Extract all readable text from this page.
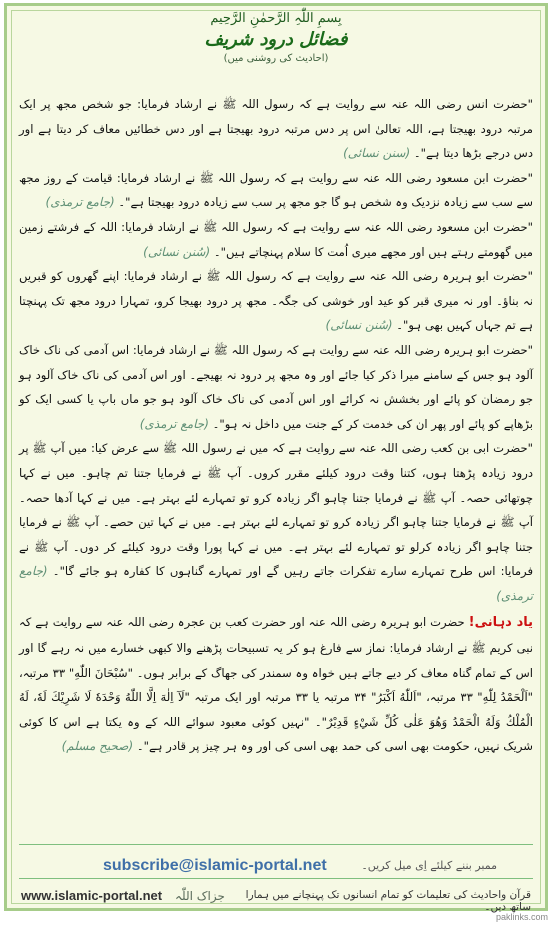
بِسمِ اللّٰہِ الرَّحمٰنِ الرَّحِیم
فضائل درود شریف
(احادیث کی روشنی میں)

"حضرت انس رضی اللہ عنہ سے روایت ہے کہ رسول اللہ ﷺ نے ارشاد فرمایا: جو شخص مجھ پر ایک مرتبہ درود بھیجتا ہے، اللہ تعالیٰ اس پر دس مرتبہ درود بھیجتا ہے اور دس خطائیں معاف کر دیتا ہے اور دس درجے بڑھا دیتا ہے"۔ (سنن نسائی)

"حضرت ابن مسعود رضی اللہ عنہ سے روایت ہے کہ رسول اللہ ﷺ نے ارشاد فرمایا: قیامت کے روز مجھ سے سب سے زیادہ نزدیک وہ شخص ہو گا جو مجھ پر سب سے زیادہ درود بھیجتا ہے"۔ (جامع ترمذی)

"حضرت ابن مسعود رضی اللہ عنہ سے روایت ہے کہ رسول اللہ ﷺ نے ارشاد فرمایا: اللہ کے فرشتے زمین میں گھومتے رہتے ہیں اور مجھے میری اُمت کا سلام پہنچاتے ہیں"۔ (سُنن نسائی)

"حضرت ابو ہریرہ رضی اللہ عنہ سے روایت ہے کہ رسول اللہ ﷺ نے ارشاد فرمایا: اپنے گھروں کو قبریں نہ بناؤ۔ اور نہ میری قبر کو عید اور خوشی کی جگہ۔ مجھ پر درود بھیجا کرو، تمہارا درود مجھ تک پہنچتا ہے تم جہاں کہیں بھی ہو"۔ (سُنن نسائی)

"حضرت ابو ہریرہ رضی اللہ عنہ سے روایت ہے کہ رسول اللہ ﷺ نے ارشاد فرمایا: اس آدمی کی ناک خاک آلود ہو جس کے سامنے میرا ذکر کیا جائے اور وہ مجھ پر درود نہ بھیجے۔ اور اس آدمی کی ناک خاک آلود ہو جو رمضان کو پائے اور بخشش نہ کرائے اور اس آدمی کی ناک خاک آلود ہو جو ماں باپ یا کسی ایک کو بڑھاپے کو پائے اور پھر ان کی خدمت کر کے جنت میں داخل نہ ہو"۔ (جامع ترمذی)

"حضرت ابی بن کعب رضی اللہ عنہ سے روایت ہے کہ میں نے رسول اللہ ﷺ سے عرض کیا: میں آپ ﷺ پر درود زیادہ پڑھتا ہوں، کتنا وقت درود کیلئے مقرر کروں۔ آپ ﷺ نے فرمایا جتنا تم چاہو۔ میں نے کہا چوتھائی حصہ۔ آپ ﷺ نے فرمایا جتنا چاہو اگر زیادہ کرو تو تمہارے لئے بہتر ہے۔ میں نے کہا آدھا حصہ۔ آپ ﷺ نے فرمایا جتنا چاہو اگر زیادہ کرو تو تمہارے لئے بہتر ہے۔ میں نے کہا تین حصے۔ آپ ﷺ نے فرمایا جتنا چاہو اگر زیادہ کرلو تو تمہارے لئے بہتر ہے۔ میں نے کہا پورا وقت درود کیلئے کر دوں۔ آپ ﷺ نے فرمایا: اس طرح تمہارے سارے تفکرات جاتے رہیں گے اور تمہارے گناہوں کا کفارہ ہو جائے گا"۔ (جامع ترمذی)

یاد دہانی! حضرت ابو ہریرہ رضی اللہ عنہ اور حضرت کعب بن عجرہ رضی اللہ عنہ سے روایت ہے کہ نبی کریم ﷺ نے ارشاد فرمایا: نماز سے فارغ ہو کر یہ تسبیحات پڑھنے والا کبھی خسارے میں نہ رہے گا اور اس کے تمام گناہ معاف کر دیے جاتے ہیں خواہ وہ سمندر کی جھاگ کے برابر ہوں۔ "سُبْحَانَ اللّٰهِ" ۳۳ مرتبہ، "اَلْحَمْدُ لِلّٰهِ" ۳۳ مرتبہ، "اَللّٰهُ اَكْبَرُ" ۳۴ مرتبہ یا ۳۳ مرتبہ اور ایک مرتبہ "لَآ اِلٰهَ اِلَّا اللّٰهُ وَحْدَهٗ لَا شَرِيْكَ لَهٗ، لَهُ الْمُلْكُ وَلَهُ الْحَمْدُ وَهُوَ عَلٰى كُلِّ شَيْءٍ قَدِيْرٌ"۔ "نہیں کوئی معبود سوائے اللہ کے وہ یکتا ہے اس کا کوئی شریک نہیں، حکومت بھی اسی کی حمد بھی اسی کی اور وہ ہر چیز پر قادر ہے"۔ (صحیح مسلم)

subscribe@islamic-portal.net	ممبر بننے کیلئے اِی میل کریں۔
www.islamic-portal.net جزاک اللّٰہ	قرآن واحادیث کی تعلیمات کو تمام انسانوں تک پہنچانے میں ہمارا ساتھ دیں۔
paklinks.com
